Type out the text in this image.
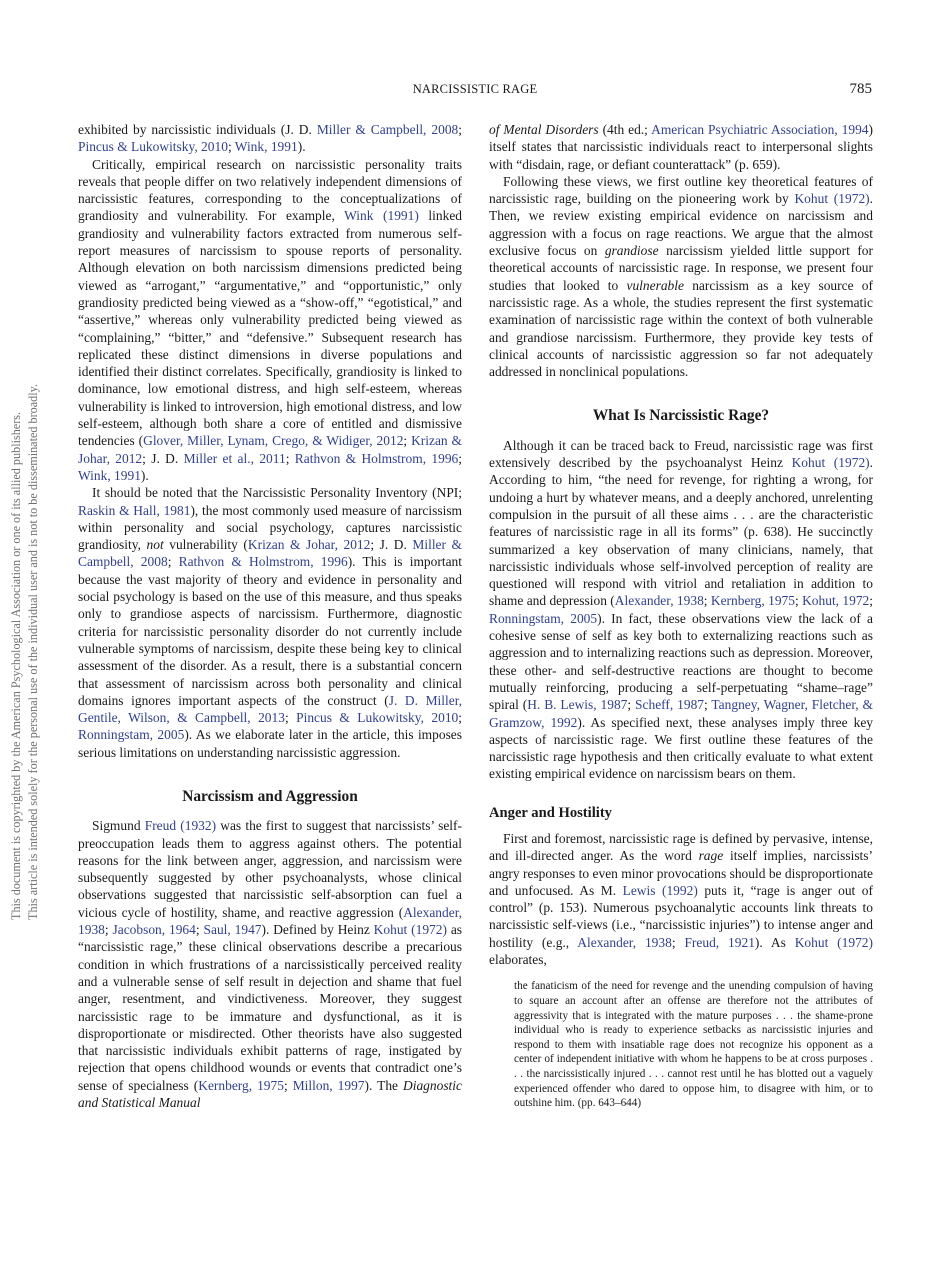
NARCISSISTIC RAGE	785
This document is copyrighted by the American Psychological Association or one of its allied publishers. This article is intended solely for the personal use of the individual user and is not to be disseminated broadly.

exhibited by narcissistic individuals (J. D. Miller & Campbell, 2008; Pincus & Lukowitsky, 2010; Wink, 1991).

Critically, empirical research on narcissistic personality traits reveals that people differ on two relatively independent dimensions of narcissistic features, corresponding to the conceptualizations of grandiosity and vulnerability. For example, Wink (1991) linked grandiosity and vulnerability factors extracted from numerous self-report measures of narcissism to spouse reports of personality. Although elevation on both narcissism dimensions predicted being viewed as “arrogant,” “argumentative,” and “opportunistic,” only grandiosity predicted being viewed as a “show-off,” “egotistical,” and “assertive,” whereas only vulnerability predicted being viewed as “complaining,” “bitter,” and “defensive.” Subsequent research has replicated these distinct dimensions in diverse populations and identified their distinct correlates. Specifically, grandiosity is linked to dominance, low emotional distress, and high self-esteem, whereas vulnerability is linked to introversion, high emotional distress, and low self-esteem, although both share a core of entitled and dismissive tendencies (Glover, Miller, Lynam, Crego, & Widiger, 2012; Krizan & Johar, 2012; J. D. Miller et al., 2011; Rathvon & Holmstrom, 1996; Wink, 1991).

It should be noted that the Narcissistic Personality Inventory (NPI; Raskin & Hall, 1981), the most commonly used measure of narcissism within personality and social psychology, captures narcissistic grandiosity, not vulnerability (Krizan & Johar, 2012; J. D. Miller & Campbell, 2008; Rathvon & Holmstrom, 1996). This is important because the vast majority of theory and evidence in personality and social psychology is based on the use of this measure, and thus speaks only to grandiose aspects of narcissism. Furthermore, diagnostic criteria for narcissistic personality disorder do not currently include vulnerable symptoms of narcissism, despite these being key to clinical assessment of the disorder. As a result, there is a substantial concern that assessment of narcissism across both personality and clinical domains ignores important aspects of the construct (J. D. Miller, Gentile, Wilson, & Campbell, 2013; Pincus & Lukowitsky, 2010; Ronningstam, 2005). As we elaborate later in the article, this imposes serious limitations on understanding narcissistic aggression.

Narcissism and Aggression

Sigmund Freud (1932) was the first to suggest that narcissists’ self-preoccupation leads them to aggress against others. The potential reasons for the link between anger, aggression, and narcissism were subsequently suggested by other psychoanalysts, whose clinical observations suggested that narcissistic self-absorption can fuel a vicious cycle of hostility, shame, and reactive aggression (Alexander, 1938; Jacobson, 1964; Saul, 1947). Defined by Heinz Kohut (1972) as “narcissistic rage,” these clinical observations describe a precarious condition in which frustrations of a narcissistically perceived reality and a vulnerable sense of self result in dejection and shame that fuel anger, resentment, and vindictiveness. Moreover, they suggest narcissistic rage to be immature and dysfunctional, as it is disproportionate or misdirected. Other theorists have also suggested that narcissistic individuals exhibit patterns of rage, instigated by rejection that opens childhood wounds or events that contradict one’s sense of specialness (Kernberg, 1975; Millon, 1997). The Diagnostic and Statistical Manual

of Mental Disorders (4th ed.; American Psychiatric Association, 1994) itself states that narcissistic individuals react to interpersonal slights with “disdain, rage, or defiant counterattack” (p. 659).

Following these views, we first outline key theoretical features of narcissistic rage, building on the pioneering work by Kohut (1972). Then, we review existing empirical evidence on narcissism and aggression with a focus on rage reactions. We argue that the almost exclusive focus on grandiose narcissism yielded little support for theoretical accounts of narcissistic rage. In response, we present four studies that looked to vulnerable narcissism as a key source of narcissistic rage. As a whole, the studies represent the first systematic examination of narcissistic rage within the context of both vulnerable and grandiose narcissism. Furthermore, they provide key tests of clinical accounts of narcissistic aggression so far not adequately addressed in nonclinical populations.

What Is Narcissistic Rage?

Although it can be traced back to Freud, narcissistic rage was first extensively described by the psychoanalyst Heinz Kohut (1972). According to him, “the need for revenge, for righting a wrong, for undoing a hurt by whatever means, and a deeply anchored, unrelenting compulsion in the pursuit of all these aims . . . are the characteristic features of narcissistic rage in all its forms” (p. 638). He succinctly summarized a key observation of many clinicians, namely, that narcissistic individuals whose self-involved perception of reality are questioned will respond with vitriol and retaliation in addition to shame and depression (Alexander, 1938; Kernberg, 1975; Kohut, 1972; Ronningstam, 2005). In fact, these observations view the lack of a cohesive sense of self as key both to externalizing reactions such as aggression and to internalizing reactions such as depression. Moreover, these other- and self-destructive reactions are thought to become mutually reinforcing, producing a self-perpetuating “shame–rage” spiral (H. B. Lewis, 1987; Scheff, 1987; Tangney, Wagner, Fletcher, & Gramzow, 1992). As specified next, these analyses imply three key aspects of narcissistic rage. We first outline these features of the narcissistic rage hypothesis and then critically evaluate to what extent existing empirical evidence on narcissism bears on them.

Anger and Hostility

First and foremost, narcissistic rage is defined by pervasive, intense, and ill-directed anger. As the word rage itself implies, narcissists’ angry responses to even minor provocations should be disproportionate and unfocused. As M. Lewis (1992) puts it, “rage is anger out of control” (p. 153). Numerous psychoanalytic accounts link threats to narcissistic self-views (i.e., “narcissistic injuries”) to intense anger and hostility (e.g., Alexander, 1938; Freud, 1921). As Kohut (1972) elaborates,

the fanaticism of the need for revenge and the unending compulsion of having to square an account after an offense are therefore not the attributes of aggressivity that is integrated with the mature purposes . . . the shame-prone individual who is ready to experience setbacks as narcissistic injuries and respond to them with insatiable rage does not recognize his opponent as a center of independent initiative with whom he happens to be at cross purposes . . . the narcissistically injured . . . cannot rest until he has blotted out a vaguely experienced offender who dared to oppose him, to disagree with him, or to outshine him. (pp. 643–644)
